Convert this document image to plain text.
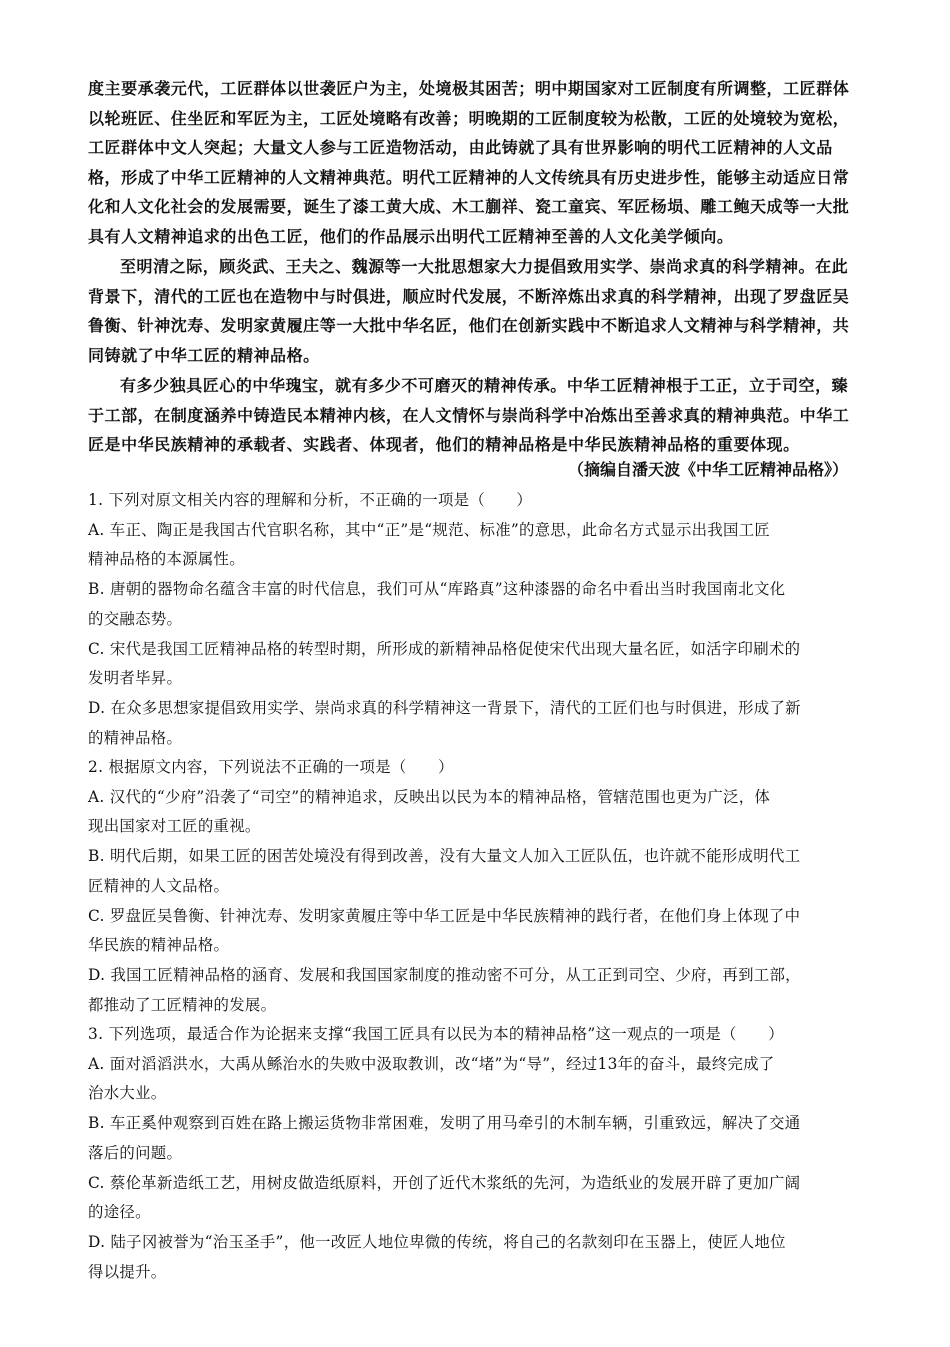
度主要承袭元代，工匠群体以世袭匠户为主，处境极其困苦；明中期国家对工匠制度有所调整，工匠群体以轮班匠、住坐匠和军匠为主，工匠处境略有改善；明晚期的工匠制度较为松散，工匠的处境较为宽松，工匠群体中文人突起；大量文人参与工匠造物活动，由此铸就了具有世界影响的明代工匠精神的人文品格，形成了中华工匠精神的人文精神典范。明代工匠精神的人文传统具有历史进步性，能够主动适应日常化和人文化社会的发展需要，诞生了漆工黄大成、木工蒯祥、瓷工童宾、军匠杨埙、雕工鲍天成等一大批具有人文精神追求的出色工匠，他们的作品展示出明代工匠精神至善的人文化美学倾向。

至明清之际，顾炎武、王夫之、魏源等一大批思想家大力提倡致用实学、崇尚求真的科学精神。在此背景下，清代的工匠也在造物中与时俱进，顺应时代发展，不断淬炼出求真的科学精神，出现了罗盘匠吴鲁衡、针神沈寿、发明家黄履庄等一大批中华名匠，他们在创新实践中不断追求人文精神与科学精神，共同铸就了中华工匠的精神品格。

有多少独具匠心的中华瑰宝，就有多少不可磨灭的精神传承。中华工匠精神根于工正，立于司空，臻于工部，在制度涵养中铸造民本精神内核，在人文情怀与崇尚科学中冶炼出至善求真的精神典范。中华工匠是中华民族精神的承载者、实践者、体现者，他们的精神品格是中华民族精神品格的重要体现。

（摘编自潘天波《中华工匠精神品格》）

1. 下列对原文相关内容的理解和分析，不正确的一项是（　　）
A. 车正、陶正是我国古代官职名称，其中“正”是“规范、标准”的意思，此命名方式显示出我国工匠
精神品格的本源属性。
B. 唐朝的器物命名蕴含丰富的时代信息，我们可从“库路真”这种漆器的命名中看出当时我国南北文化
的交融态势。
C. 宋代是我国工匠精神品格的转型时期，所形成的新精神品格促使宋代出现大量名匠，如活字印刷术的
发明者毕昇。
D. 在众多思想家提倡致用实学、崇尚求真的科学精神这一背景下，清代的工匠们也与时俱进，形成了新
的精神品格。
2. 根据原文内容，下列说法不正确的一项是（　　）
A. 汉代的“少府”沿袭了“司空”的精神追求，反映出以民为本的精神品格，管辖范围也更为广泛，体
现出国家对工匠的重视。
B. 明代后期，如果工匠的困苦处境没有得到改善，没有大量文人加入工匠队伍，也许就不能形成明代工
匠精神的人文品格。
C. 罗盘匠吴鲁衡、针神沈寿、发明家黄履庄等中华工匠是中华民族精神的践行者，在他们身上体现了中
华民族的精神品格。
D. 我国工匠精神品格的涵育、发展和我国国家制度的推动密不可分，从工正到司空、少府，再到工部，
都推动了工匠精神的发展。
3. 下列选项，最适合作为论据来支撑“我国工匠具有以民为本的精神品格”这一观点的一项是（　　）
A. 面对滔滔洪水，大禹从鲧治水的失败中汲取教训，改“堵”为“导”，经过13年的奋斗，最终完成了
治水大业。
B. 车正奚仲观察到百姓在路上搬运货物非常困难，发明了用马牵引的木制车辆，引重致远，解决了交通
落后的问题。
C. 蔡伦革新造纸工艺，用树皮做造纸原料，开创了近代木浆纸的先河，为造纸业的发展开辟了更加广阔
的途径。
D. 陆子冈被誉为“治玉圣手”，他一改匠人地位卑微的传统，将自己的名款刻印在玉器上，使匠人地位
得以提升。
